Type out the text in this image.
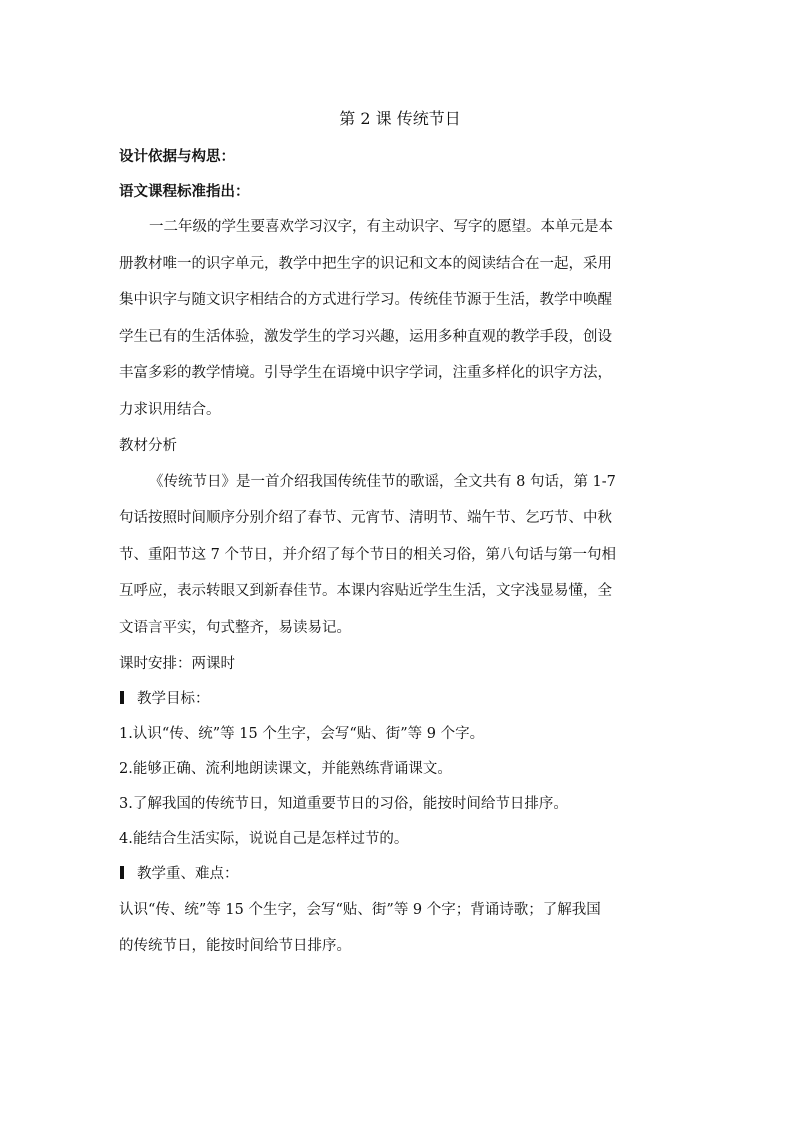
第 2 课 传统节日

设计依据与构思：

语文课程标准指出：

一二年级的学生要喜欢学习汉字，有主动识字、写字的愿望。本单元是本
册教材唯一的识字单元，教学中把生字的识记和文本的阅读结合在一起，采用
集中识字与随文识字相结合的方式进行学习。传统佳节源于生活，教学中唤醒
学生已有的生活体验，激发学生的学习兴趣，运用多种直观的教学手段，创设
丰富多彩的教学情境。引导学生在语境中识字学词，注重多样化的识字方法，
力求识用结合。

教材分析

《传统节日》是一首介绍我国传统佳节的歌谣，全文共有 8 句话，第 1-7
句话按照时间顺序分别介绍了春节、元宵节、清明节、端午节、乞巧节、中秋
节、重阳节这 7 个节日，并介绍了每个节日的相关习俗，第八句话与第一句相
互呼应，表示转眼又到新春佳节。本课内容贴近学生生活，文字浅显易懂，全
文语言平实，句式整齐，易读易记。

课时安排：两课时

教学目标：

1.认识“传、统”等 15 个生字，会写“贴、街”等 9 个字。

2.能够正确、流利地朗读课文，并能熟练背诵课文。

3.了解我国的传统节日，知道重要节日的习俗，能按时间给节日排序。

4.能结合生活实际，说说自己是怎样过节的。

教学重、难点：

认识“传、统”等 15 个生字，会写“贴、街”等 9 个字；背诵诗歌；了解我国
的传统节日，能按时间给节日排序。
